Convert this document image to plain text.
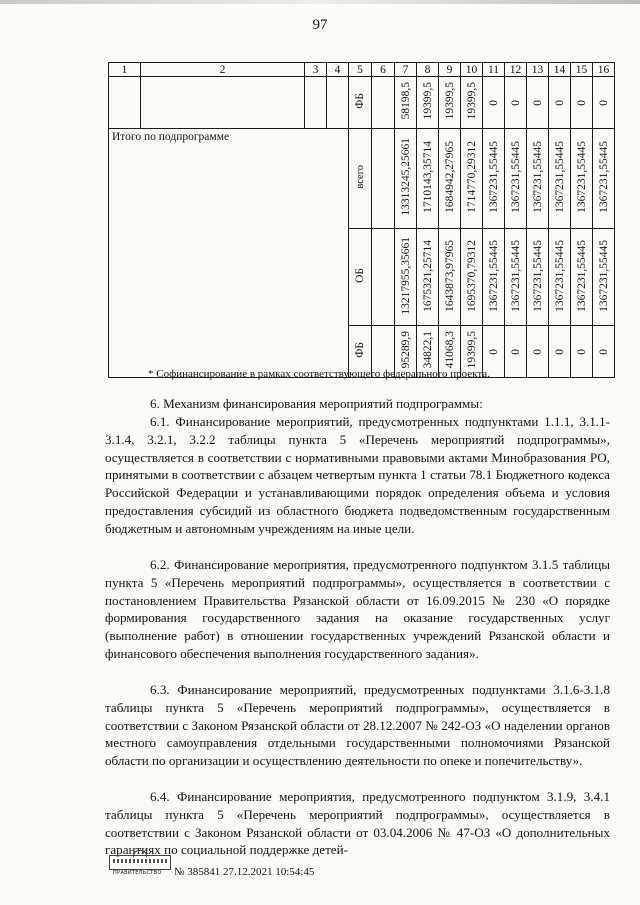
97
1	2	3	4	5	6	7	8	9	10	11	12	13	14	15	16
				ФБ		58198,5	19399,5	19399,5	19399,5	0	0	0	0	0	0
Итого по подпрограмме				всего		13313245,25661	1710143,35714	1684942,27965	1714770,29312	1367231,55445	1367231,55445	1367231,55445	1367231,55445	1367231,55445	1367231,55445
				ОБ		13217955,35661	1675321,25714	1643873,97965	1695370,79312	1367231,55445	1367231,55445	1367231,55445	1367231,55445	1367231,55445	1367231,55445
				ФБ		95289,9	34822,1	41068,3	19399,5	0	0	0	0	0	0
* Софинансирование в рамках соответствующего федерального проекта.
6. Механизм финансирования мероприятий подпрограммы:
6.1. Финансирование мероприятий, предусмотренных подпунктами 1.1.1, 3.1.1-3.1.4, 3.2.1, 3.2.2 таблицы пункта 5 «Перечень мероприятий подпрограммы», осуществляется в соответствии с нормативными правовыми актами Минобразования РО, принятыми в соответствии с абзацем четвертым пункта 1 статьи 78.1 Бюджетного кодекса Российской Федерации и устанавливающими порядок определения объема и условия предоставления субсидий из областного бюджета подведомственным государственным бюджетным и автономным учреждениям на иные цели.
6.2. Финансирование мероприятия, предусмотренного подпунктом 3.1.5 таблицы пункта 5 «Перечень мероприятий подпрограммы», осуществляется в соответствии с постановлением Правительства Рязанской области от 16.09.2015 № 230 «О порядке формирования государственного задания на оказание государственных услуг (выполнение работ) в отношении государственных учреждений Рязанской области и финансового обеспечения выполнения государственного задания».
6.3. Финансирование мероприятий, предусмотренных подпунктами 3.1.6-3.1.8 таблицы пункта 5 «Перечень мероприятий подпрограммы», осуществляется в соответствии с Законом Рязанской области от 28.12.2007 № 242-ОЗ «О наделении органов местного самоуправления отдельными государственными полномочиями Рязанской области по организации и осуществлению деятельности по опеке и попечительству».
6.4. Финансирование мероприятия, предусмотренного подпунктом 3.1.9, 3.4.1 таблицы пункта 5 «Перечень мероприятий подпрограммы», осуществляется в соответствии с Законом Рязанской области от 03.04.2006 № 47-ОЗ «О дополнительных гарантиях по социальной поддержке детей-
ПРАВИТЕЛЬСТВО № 385841 27.12.2021 10:54:45
